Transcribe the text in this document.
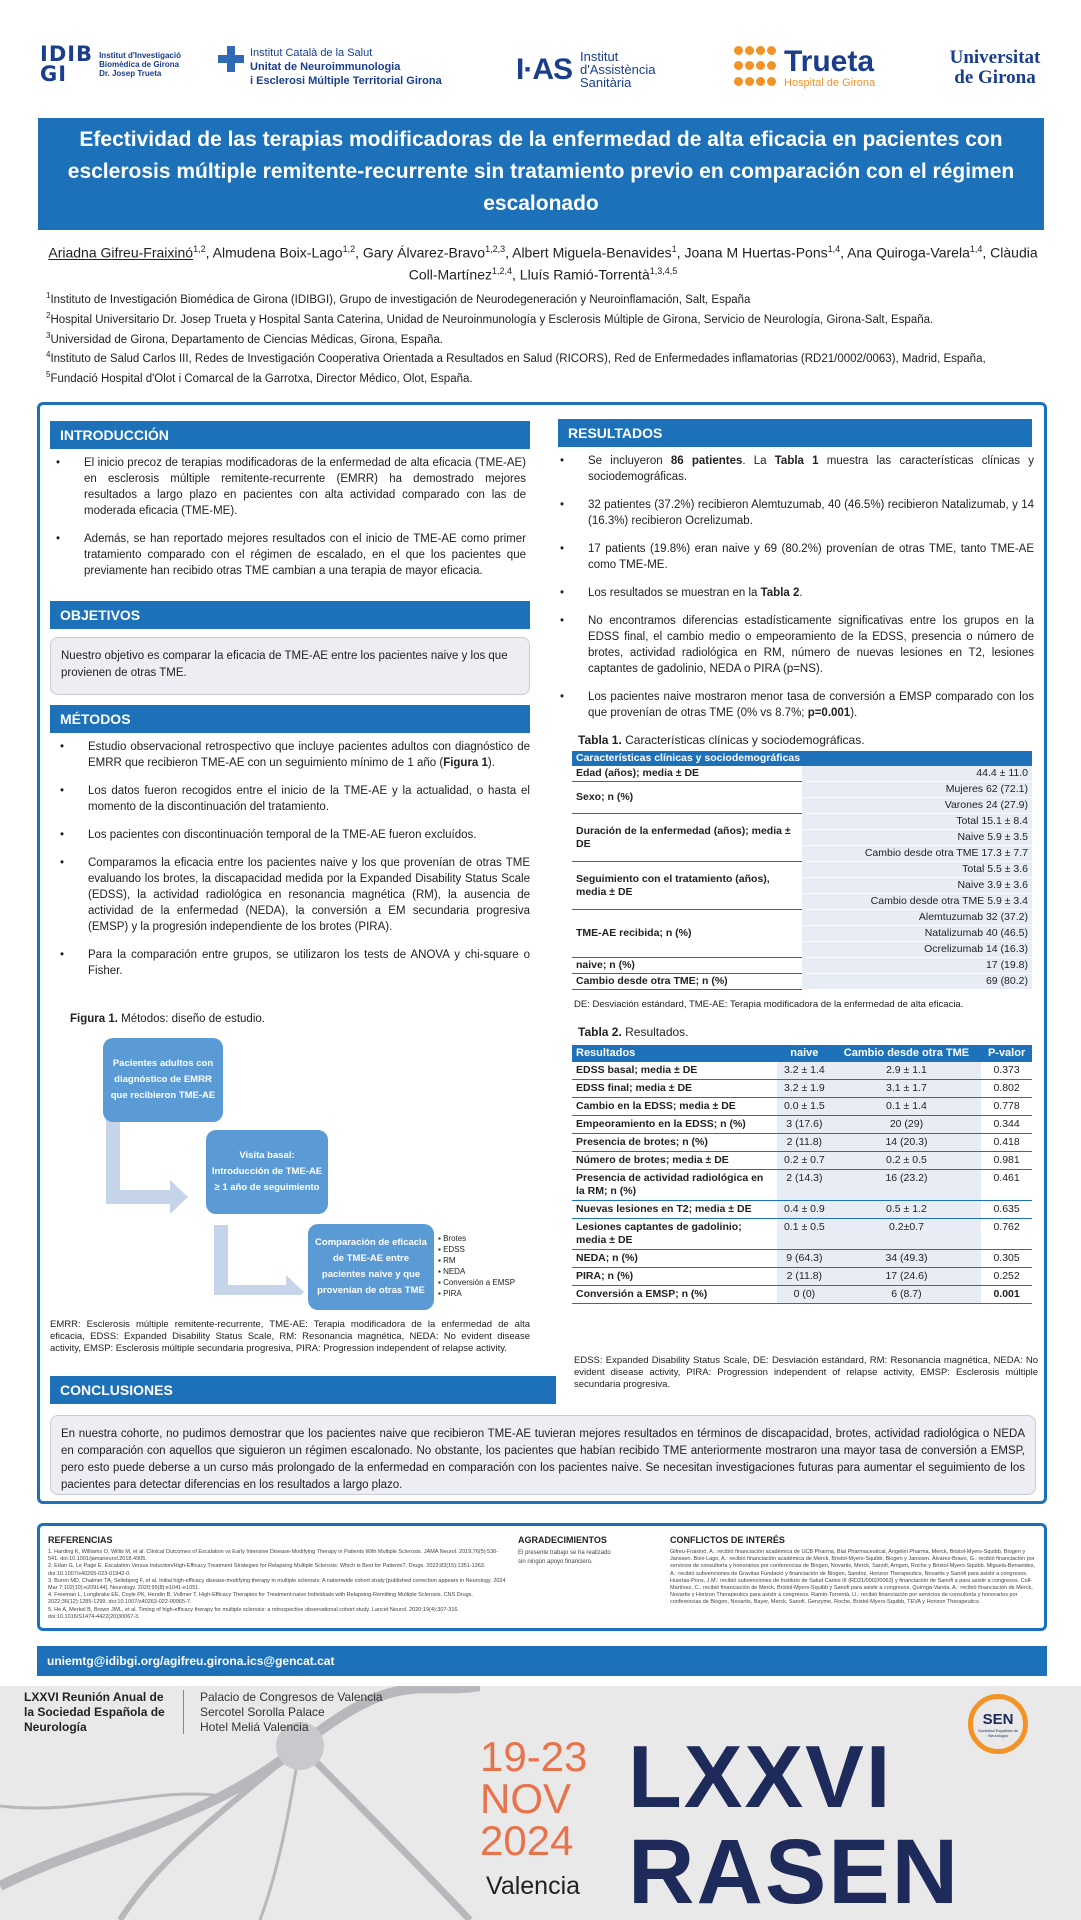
IDIB
GI
Institut d'Investigació Biomèdica de Girona Dr. Josep Trueta
Institut Català de la Salut
Unitat de Neuroimmunologia
i Esclerosi Múltiple Territorial Girona I·AS Institut d'Assistència Sanitària
Trueta
Hospital de Girona
Universitat de Girona
Efectividad de las terapias modificadoras de la enfermedad de alta eficacia en pacientes con esclerosis múltiple remitente-recurrente sin tratamiento previo en comparación con el régimen escalonado
Ariadna Gifreu-Fraixinó$^{1,2}$, Almudena Boix-Lago$^{1,2}$, Gary Álvarez-Bravo$^{1,2,3}$, Albert Miguela-Benavides$^1$, Joana M Huertas-Pons$^{1,4}$, Ana Quiroga-Varela$^{1,4}$, Clàudia Coll-Martínez$^{1,2,4}$, Lluís Ramió-Torrentà$^{1,3,4,5}$
$^1$Instituto de Investigación Biomédica de Girona (IDIBGI), Grupo de investigación de Neurodegeneración y Neuroinflamación, Salt, España
$^2$Hospital Universitario Dr. Josep Trueta y Hospital Santa Caterina, Unidad de Neuroinmunología y Esclerosis Múltiple de Girona, Servicio de Neurología, Girona-Salt, España.
$^3$Universidad de Girona, Departamento de Ciencias Médicas, Girona, España.
$^4$Instituto de Salud Carlos III, Redes de Investigación Cooperativa Orientada a Resultados en Salud (RICORS), Red de Enfermedades inflamatorias (RD21/0002/0063), Madrid, España,
$^5$Fundació Hospital d'Olot i Comarcal de la Garrotxa, Director Médico, Olot, España.
INTRODUCCIÓN
• El inicio precoz de terapias modificadoras de la enfermedad de alta eficacia (TME-AE) en esclerosis múltiple remitente-recurrente (EMRR) ha demostrado mejores resultados a largo plazo en pacientes con alta actividad comparado con las de moderada eficacia (TME-ME).
• Además, se han reportado mejores resultados con el inicio de TME-AE como primer tratamiento comparado con el régimen de escalado, en el que los pacientes que previamente han recibido otras TME cambian a una terapia de mayor eficacia.
OBJETIVOS
Nuestro objetivo es comparar la eficacia de TME-AE entre los pacientes naive y los que provienen de otras TME.
MÉTODOS
• Estudio observacional retrospectivo que incluye pacientes adultos con diagnóstico de EMRR que recibieron TME-AE con un seguimiento mínimo de 1 año (Figura 1).
• Los datos fueron recogidos entre el inicio de la TME-AE y la actualidad, o hasta el momento de la discontinuación del tratamiento.
• Los pacientes con discontinuación temporal de la TME-AE fueron excluídos.
• Comparamos la eficacia entre los pacientes naive y los que provenían de otras TME evaluando los brotes, la discapacidad medida por la Expanded Disability Status Scale (EDSS), la actividad radiológica en resonancia magnética (RM), la ausencia de actividad de la enfermedad (NEDA), la conversión a EM secundaria progresiva (EMSP) y la progresión independiente de los brotes (PIRA).
• Para la comparación entre grupos, se utilizaron los tests de ANOVA y chi-square o Fisher.
Figura 1. Métodos: diseño de estudio.
Pacientes adultos con diagnóstico de EMRR que recibieron TME-AE
Visita basal: Introducción de TME-AE ≥ 1 año de seguimiento
Comparación de eficacia de TME-AE entre pacientes naive y que provenían de otras TME
▪ Brotes
▪ EDSS
▪ RM
▪ NEDA
▪ Conversión a EMSP
▪ PIRA
EMRR: Esclerosis múltiple remitente-recurrente, TME-AE: Terapia modificadora de la enfermedad de alta eficacia, EDSS: Expanded Disability Status Scale, RM: Resonancia magnética, NEDA: No evident disease activity, EMSP: Esclerosis múltiple secundaria progresiva, PIRA: Progression independent of relapse activity.
CONCLUSIONES
En nuestra cohorte, no pudimos demostrar que los pacientes naive que recibieron TME-AE tuvieran mejores resultados en términos de discapacidad, brotes, actividad radiológica o NEDA en comparación con aquellos que siguieron un régimen escalonado. No obstante, los pacientes que habían recibido TME anteriormente mostraron una mayor tasa de conversión a EMSP, pero esto puede deberse a un curso más prolongado de la enfermedad en comparación con los pacientes naive. Se necesitan investigaciones futuras para aumentar el seguimiento de los pacientes para detectar diferencias en los resultados a largo plazo.
RESULTADOS
• Se incluyeron 86 patientes. La Tabla 1 muestra las características clínicas y sociodemográficas.
• 32 patientes (37.2%) recibieron Alemtuzumab, 40 (46.5%) recibieron Natalizumab, y 14 (16.3%) recibieron Ocrelizumab.
• 17 patients (19.8%) eran naive y 69 (80.2%) provenían de otras TME, tanto TME-AE como TME-ME.
• Los resultados se muestran en la Tabla 2.
• No encontramos diferencias estadísticamente significativas entre los grupos en la EDSS final, el cambio medio o empeoramiento de la EDSS, presencia o número de brotes, actividad radiológica en RM, número de nuevas lesiones en T2, lesiones captantes de gadolinio, NEDA o PIRA (p=NS).
• Los pacientes naive mostraron menor tasa de conversión a EMSP comparado con los que provenían de otras TME (0% vs 8.7%; p=0.001).
Tabla 1. Características clínicas y sociodemográficas.
Características clínicas y sociodemográficas	
Edad (años); media ± DE	44.4 ± 11.0
Sexo; n (%)	Mujeres 62 (72.1)
	Varones 24 (27.9)
Duración de la enfermedad (años); media ± DE	Total 15.1 ± 8.4
	Naive 5.9 ± 3.5
	Cambio desde otra TME 17.3 ± 7.7
Seguimiento con el tratamiento (años), media ± DE	Total 5.5 ± 3.6
	Naive 3.9 ± 3.6
	Cambio desde otra TME 5.9 ± 3.4
TME-AE recibida; n (%)	Alemtuzumab 32 (37.2)
	Natalizumab 40 (46.5)
	Ocrelizumab 14 (16.3)
naive; n (%)	17 (19.8)
Cambio desde otra TME; n (%)	69 (80.2)
DE: Desviación estándard, TME-AE: Terapia modificadora de la enfermedad de alta eficacia.
Tabla 2. Resultados.
Resultados	naive	Cambio desde otra TME	P-valor
EDSS basal; media ± DE	3.2 ± 1.4	2.9 ± 1.1	0.373
EDSS final; media ± DE	3.2 ± 1.9	3.1 ± 1.7	0.802
Cambio en la EDSS; media ± DE	0.0 ± 1.5	0.1 ± 1.4	0.778
Empeoramiento en la EDSS; n (%)	3 (17.6)	20 (29)	0.344
Presencia de brotes; n (%)	2 (11.8)	14 (20.3)	0.418
Número de brotes; media ± DE	0.2 ± 0.7	0.2 ± 0.5	0.981
Presencia de actividad radiológica en la RM; n (%)	2 (14.3)	16 (23.2)	0.461
Nuevas lesiones en T2; media ± DE	0.4 ± 0.9	0.5 ± 1.2	0.635
Lesiones captantes de gadolinio; media ± DE	0.1 ± 0.5	0.2±0.7	0.762
NEDA; n (%)	9 (64.3)	34 (49.3)	0.305
PIRA; n (%)	2 (11.8)	17 (24.6)	0.252
Conversión a EMSP; n (%)	0 (0)	6 (8.7)	0.001
EDSS: Expanded Disability Status Scale, DE: Desviación estándard, RM: Resonancia magnética, NEDA: No evident disease activity, PIRA: Progression independent of relapse activity, EMSP: Esclerosis múltiple secundaria progresiva.
REFERENCIAS
1. Harding K, Williams O, Willis M, et al. Clinical Outcomes of Escalation vs Early Intensive Disease-Modifying Therapy in Patients With Multiple Sclerosis. JAMA Neurol. 2019;76(5):536-541. doi:10.1001/jamaneurol.2018.4905.
2. Edan G, Le Page E. Escalation Versus Induction/High-Efficacy Treatment Strategies for Relapsing Multiple Sclerosis: Which is Best for Patients?. Drugs. 2023;83(15):1351-1363. doi:10.1007/s40265-023-01942-0.
3. Buron MD, Chalmer TA, Sellebjerg F, et al. Initial high-efficacy disease-modifying therapy in multiple sclerosis: A nationwide cohort study [published correction appears in Neurology. 2024 Mar 7;102(10):e209144]. Neurology. 2020;95(8):e1041-e1051.
4. Freeman L, Longbrake EE, Coyle PK, Hendin B, Vollmer T. High-Efficacy Therapies for Treatment-naive Individuals with Relapsing-Remitting Multiple Sclerosis. CNS Drugs. 2022;36(12):1285-1299. doi:10.1007/s40263-022-00965-7.
5. He A, Merkel B, Brown JWL, et al. Timing of high-efficacy therapy for multiple sclerosis: a retrospective observational cohort study. Lancet Neurol. 2020;19(4):307-316. doi:10.1016/S1474-4422(20)30067-3.
AGRADECIMIENTOS
El presente trabajo se ha realizado sin ningún apoyo financiero.
CONFLICTOS DE INTERÉS
Gifreu-Fraixinó, A.: recibió financiación académica de UCB Pharma, Bial Pharmaceutical, Angelini Pharma, Merck, Bristol-Myers-Squibb, Biogen y Janssen. Boix-Lago, A.: recibió financiación académica de Merck, Bristol-Myers-Squibb, Biogen y Janssen. Álvarez-Bravo, G.: recibió financiación por servicios de consultoría y honorarios por conferencias de Biogen, Novartis, Merck, Sanofi, Amgen, Roche y Bristol-Myers-Squibb. Miguela-Benavides, A.: recibió subvenciones de Gravitas Fundació y financiación de Biogen, Sandoz, Horizon Therapeutics, Novartis y Sanofi para asistir a congresos. Huertas-Pons, J.M.: recibió subvenciones de Instituto de Salud Carlos III (RD21/0002/0063) y financiación de Sanofi a para asistir a congresos. Coll-Martínez, C.: recibió financiación de Merck, Bristol-Myers-Squibb y Sanofi para asistir a congresos. Quiroga-Varela, A.: recibió financiación de Merck, Novartis y Horizon Therapeutics para asistir a congresos. Ramió-Torrentà, Ll.: recibió financiación por servicios de consultoría y honorarios por conferencias de Biogen, Novartis, Bayer, Merck, Sanofi, Genzyme, Roche, Bristol-Myers-Squibb, TEVA y Horizon Therapeutics.
uniemtg@idibgi.org/agifreu.girona.ics@gencat.cat
LXXVI Reunión Anual de la Sociedad Española de Neurología
Palacio de Congresos de Valencia
Sercotel Sorolla Palace
Hotel Meliá Valencia
19-23
NOV
2024
Valencia
LXXVI
RASEN
SEN
Sociedad Española de Neurología
